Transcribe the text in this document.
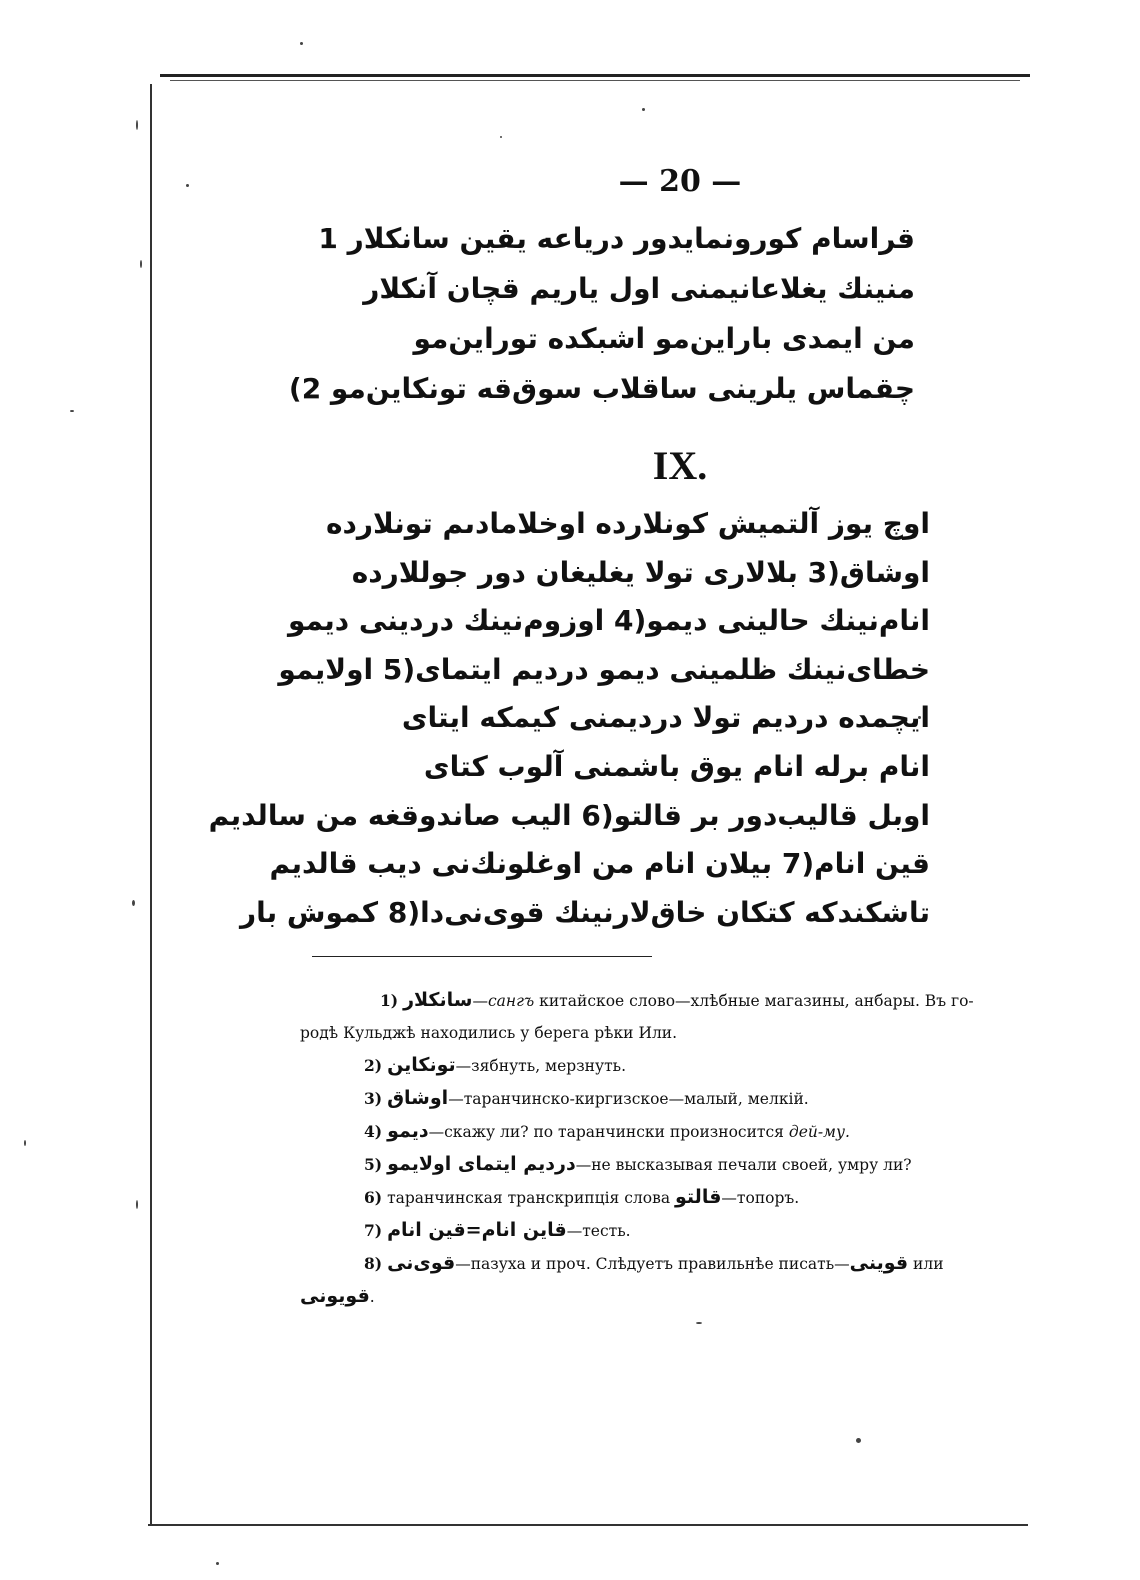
— 20 —
قراسام كورونمايدور درياعه يقين سانكلار 1
منينك يغلاعانيمنى اول ياريم قچان آنكلار
من ايمدى باراين‌مو اشبكده توراين‌مو
چقماس يلرينى ساقلاب سوق‌قه تونكاين‌مو 2)
IX.
اوچ يوز آلتميش كونلارده اوخلامادىم تونلارده
اوشاق(3 بلالارى تولا يغليغان دور جوللارده
انام‌نينك حالينى ديمو(4 اوزوم‌نينك دردينى ديمو
خطاى‌نينك ظلمينى ديمو درديم ايتماى(5 اولايمو
ايچمده درديم تولا درديمنى كيمكه ايتاى
انام برله انام يوق باشمنى آلوب كتاى
اوبل قاليب‌دور بر قالتو(6 اليب صاندوقغه من سالديم
قين انام(7 بيلان انام من اوغلونك‌نى ديب قالديم
تاشكندكه كتكان خاق‌لارنينك قوى‌نى‌دا(8 كموش بار
1) سانكلار—сангъ китайское слово—хлѣбные магазины, анбары. Въ го-
родѣ Кульджѣ находились у берега рѣки Или.
2) تونكاين—зябнуть, мерзнуть.
3) اوشاق—таранчинско-киргизское—малый, мелкій.
4) ديمو—скажу ли? по таранчински произносится дей-му.
5) درديم ايتماى اولايمو—не высказывая печали своей, умру ли?
6) таранчинская транскрипція слова قالتو—топоръ.
7) قاين انام=قين انام—тесть.
8) قوى‌نى—пазуха и проч. Слѣдуетъ правильнѣе писать—قوينى или
قويونى.
